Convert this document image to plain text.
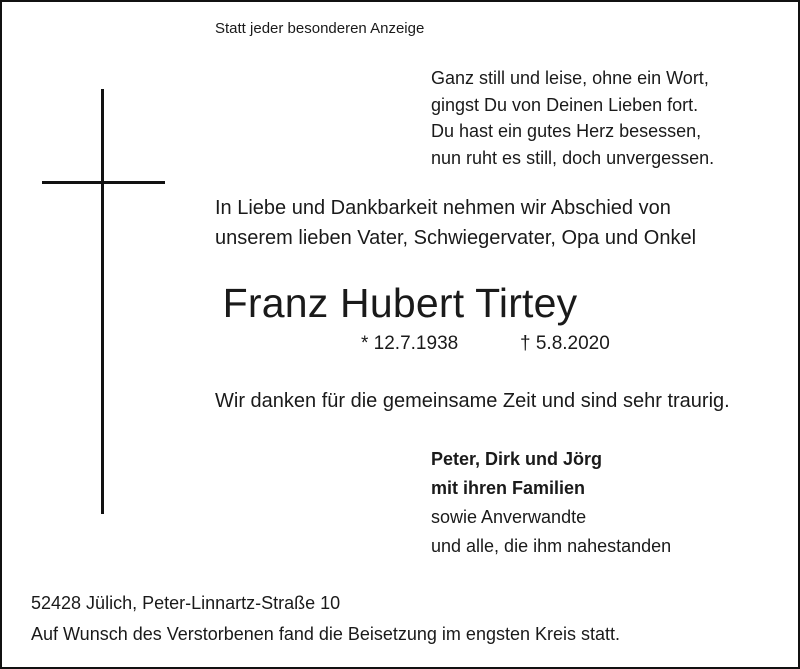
Statt jeder besonderen Anzeige
Ganz still und leise, ohne ein Wort,
gingst Du von Deinen Lieben fort.
Du hast ein gutes Herz besessen,
nun ruht es still, doch unvergessen.
In Liebe und Dankbarkeit nehmen wir Abschied von
unserem lieben Vater, Schwiegervater, Opa und Onkel
Franz Hubert Tirtey
* 12.7.1938	† 5.8.2020
Wir danken für die gemeinsame Zeit und sind sehr traurig.
Peter, Dirk und Jörg
mit ihren Familien
sowie Anverwandte
und alle, die ihm nahestanden
52428 Jülich, Peter-Linnartz-Straße 10
Auf Wunsch des Verstorbenen fand die Beisetzung im engsten Kreis statt.
